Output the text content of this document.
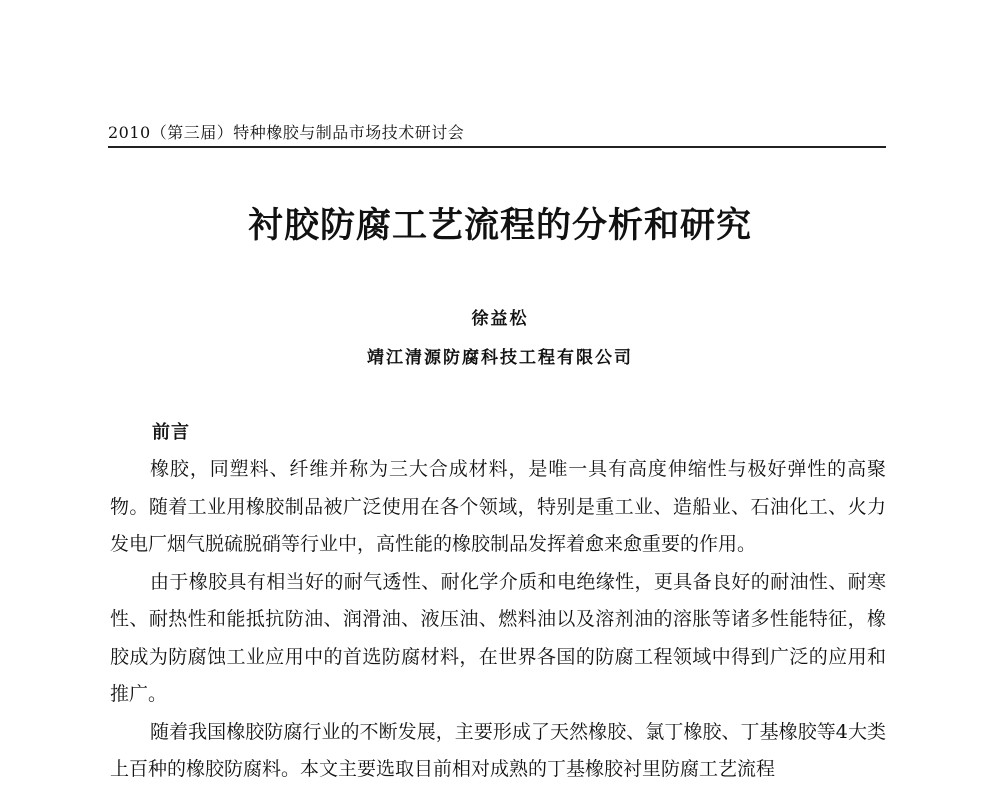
2010（第三届）特种橡胶与制品市场技术研讨会
衬胶防腐工艺流程的分析和研究
徐益松
靖江清源防腐科技工程有限公司
前言

橡胶，同塑料、纤维并称为三大合成材料，是唯一具有高度伸缩性与极好弹性的高聚物。随着工业用橡胶制品被广泛使用在各个领域，特别是重工业、造船业、石油化工、火力发电厂烟气脱硫脱硝等行业中，高性能的橡胶制品发挥着愈来愈重要的作用。

由于橡胶具有相当好的耐气透性、耐化学介质和电绝缘性，更具备良好的耐油性、耐寒性、耐热性和能抵抗防油、润滑油、液压油、燃料油以及溶剂油的溶胀等诸多性能特征，橡胶成为防腐蚀工业应用中的首选防腐材料，在世界各国的防腐工程领域中得到广泛的应用和推广。

随着我国橡胶防腐行业的不断发展，主要形成了天然橡胶、氯丁橡胶、丁基橡胶等4大类上百种的橡胶防腐料。本文主要选取目前相对成熟的丁基橡胶衬里防腐工艺流程
